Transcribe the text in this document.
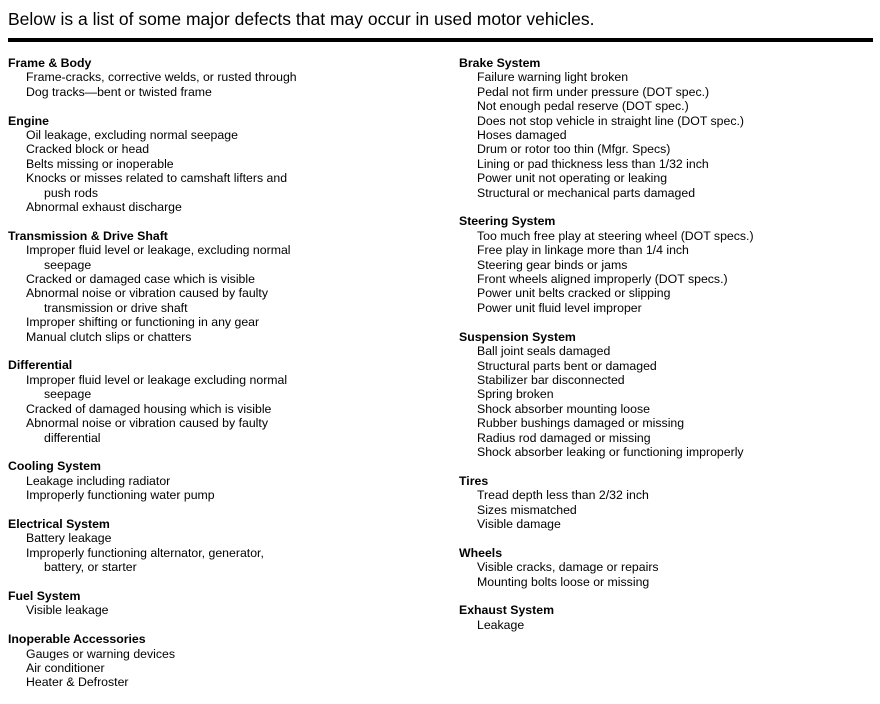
Below is a list of some major defects that may occur in used motor vehicles.
Frame & Body
Frame-cracks, corrective welds, or rusted through
Dog tracks—bent or twisted frame
Engine
Oil leakage, excluding normal seepage
Cracked block or head
Belts missing or inoperable
Knocks or misses related to camshaft lifters and
push rods
Abnormal exhaust discharge
Transmission & Drive Shaft
Improper fluid level or leakage, excluding normal
seepage
Cracked or damaged case which is visible
Abnormal noise or vibration caused by faulty
transmission or drive shaft
Improper shifting or functioning in any gear
Manual clutch slips or chatters
Differential
Improper fluid level or leakage excluding normal
seepage
Cracked of damaged housing which is visible
Abnormal noise or vibration caused by faulty
differential
Cooling System
Leakage including radiator
Improperly functioning water pump
Electrical System
Battery leakage
Improperly functioning alternator, generator,
battery, or starter
Fuel System
Visible leakage
Inoperable Accessories
Gauges or warning devices
Air conditioner
Heater & Defroster
Brake System
Failure warning light broken
Pedal not firm under pressure (DOT spec.)
Not enough pedal reserve (DOT spec.)
Does not stop vehicle in straight line (DOT spec.)
Hoses damaged
Drum or rotor too thin (Mfgr. Specs)
Lining or pad thickness less than 1/32 inch
Power unit not operating or leaking
Structural or mechanical parts damaged
Steering System
Too much free play at steering wheel (DOT specs.)
Free play in linkage more than 1/4 inch
Steering gear binds or jams
Front wheels aligned improperly (DOT specs.)
Power unit belts cracked or slipping
Power unit fluid level improper
Suspension System
Ball joint seals damaged
Structural parts bent or damaged
Stabilizer bar disconnected
Spring broken
Shock absorber mounting loose
Rubber bushings damaged or missing
Radius rod damaged or missing
Shock absorber leaking or functioning improperly
Tires
Tread depth less than 2/32 inch
Sizes mismatched
Visible damage
Wheels
Visible cracks, damage or repairs
Mounting bolts loose or missing
Exhaust System
Leakage
